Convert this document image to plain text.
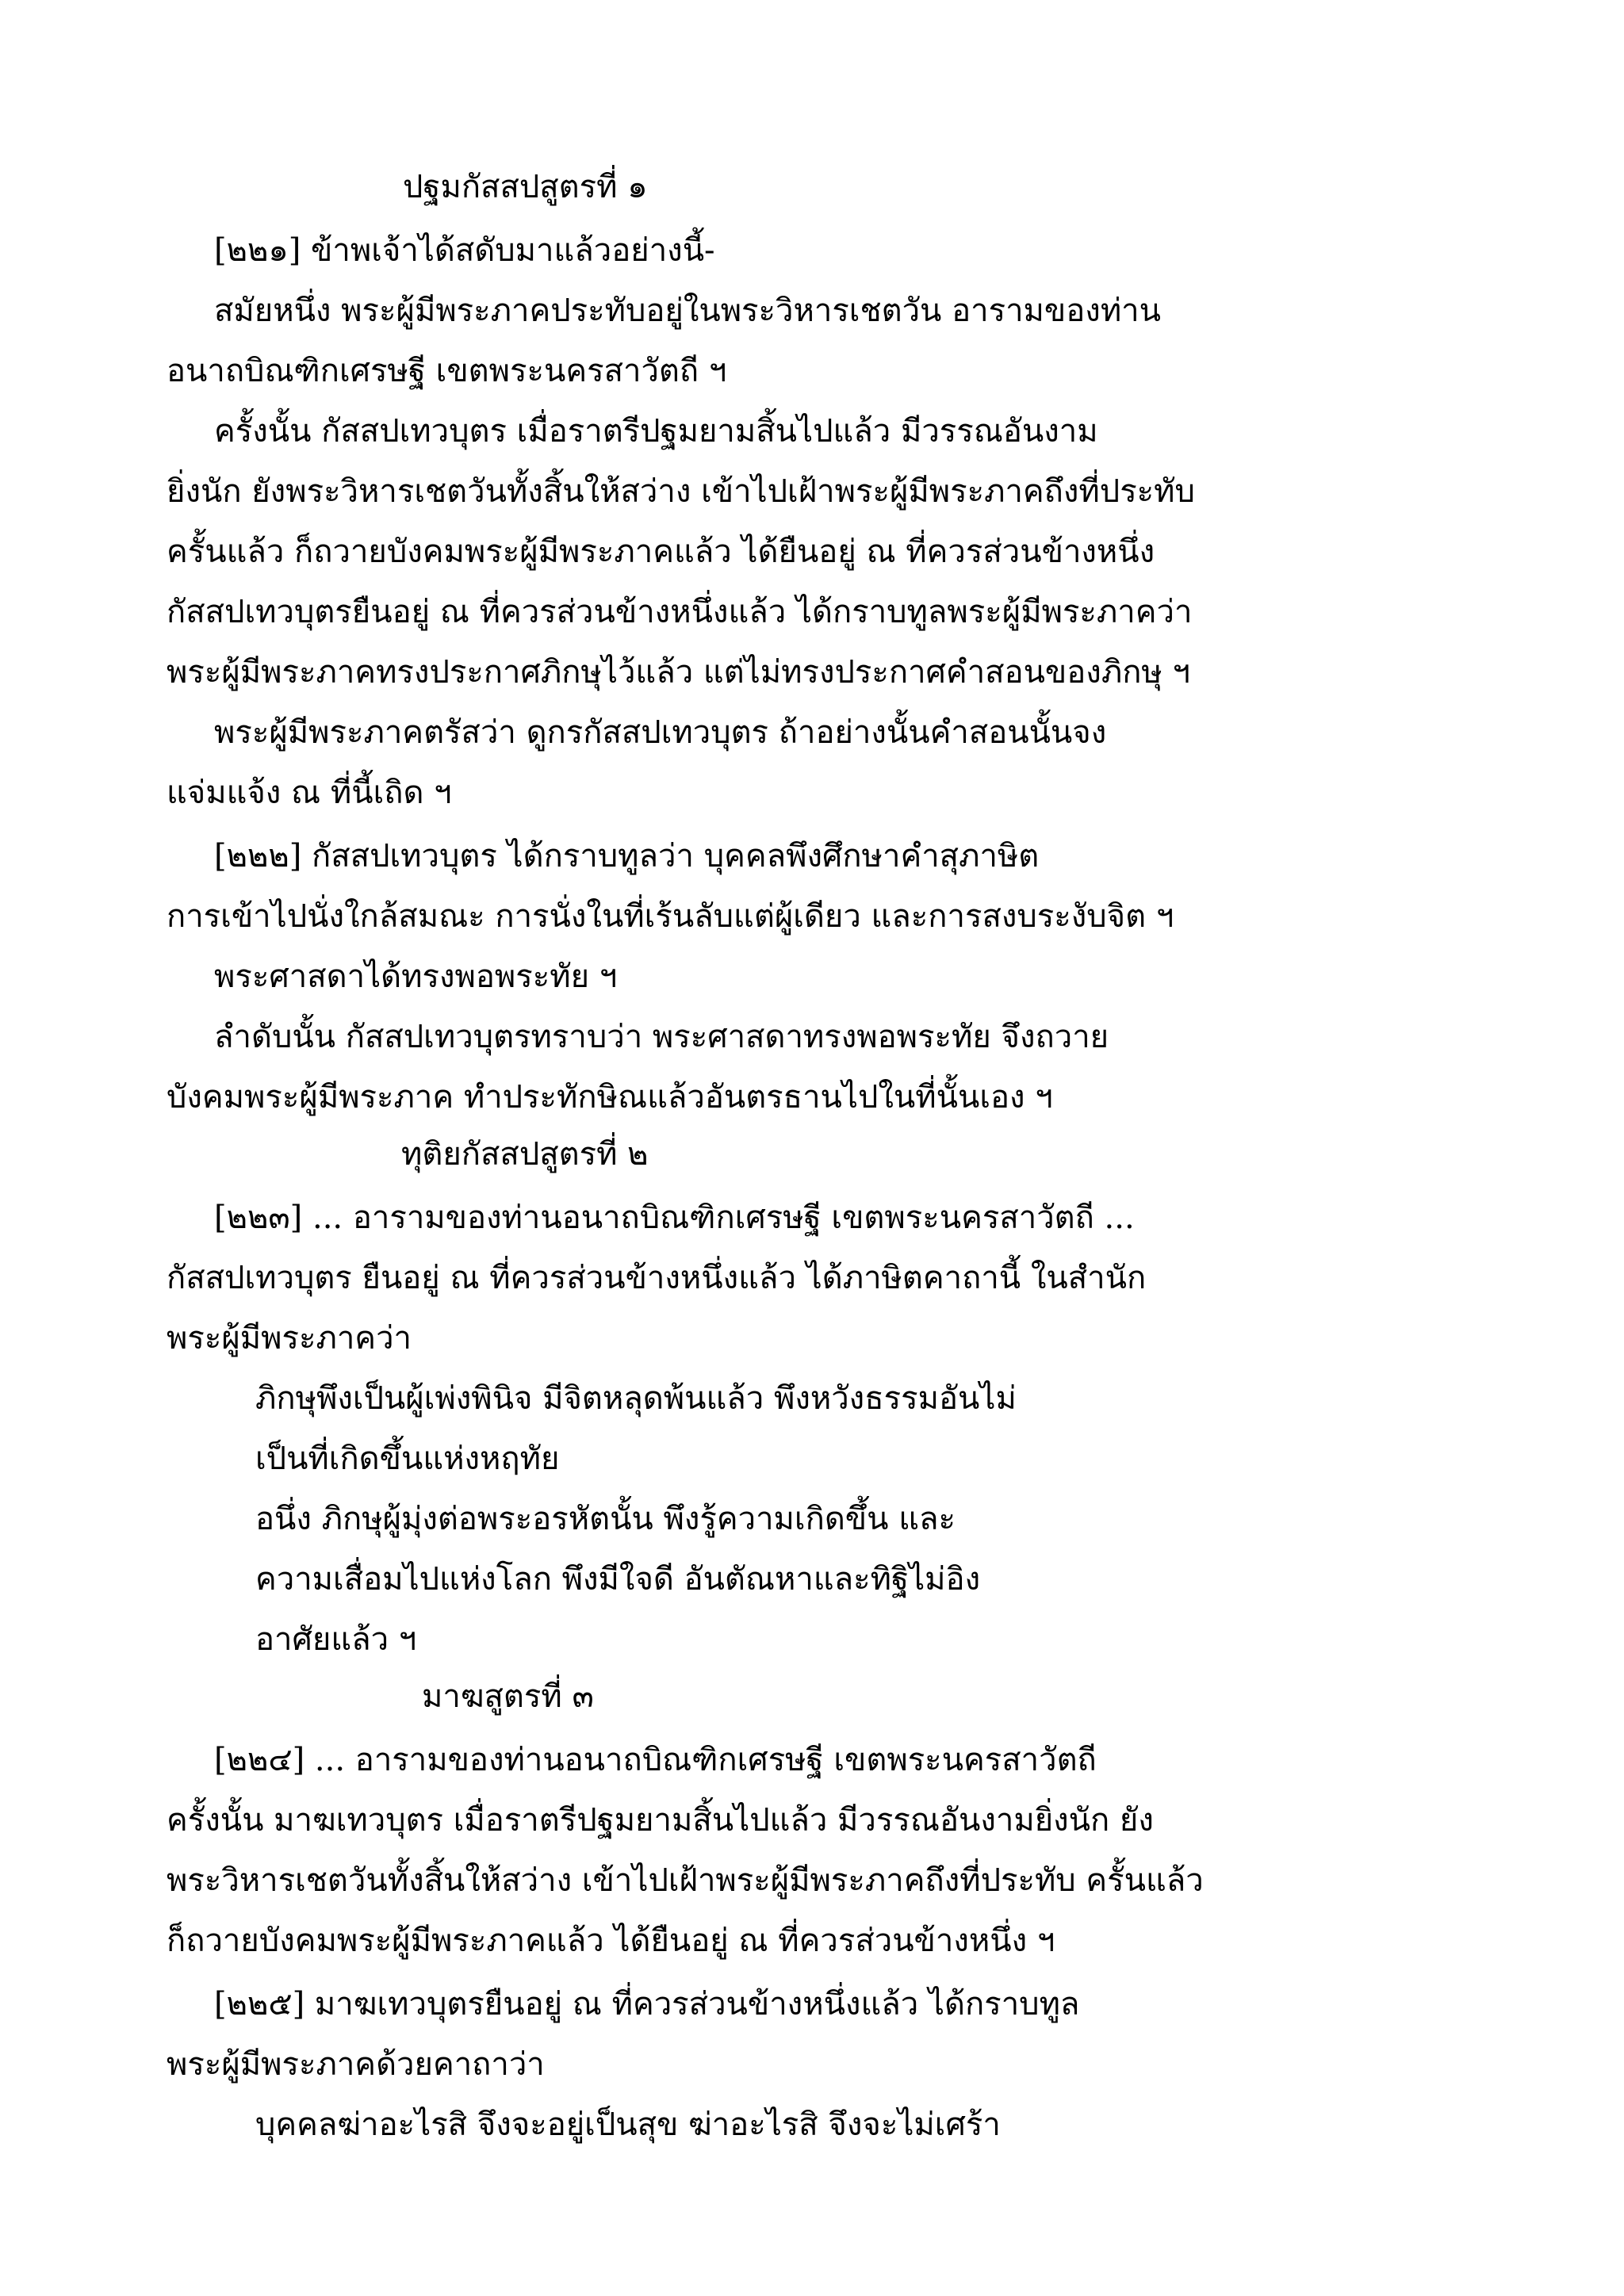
ปฐมกัสสปสูตรที่ ๑
[๒๒๑] ข้าพเจ้าได้สดับมาแล้วอย่างนี้-
สมัยหนึ่ง พระผู้มีพระภาคประทับอยู่ในพระวิหารเชตวัน อารามของท่าน
อนาถบิณฑิกเศรษฐี เขตพระนครสาวัตถี ฯ
ครั้งนั้น กัสสปเทวบุตร เมื่อราตรีปฐมยามสิ้นไปแล้ว มีวรรณอันงาม
ยิ่งนัก ยังพระวิหารเชตวันทั้งสิ้นให้สว่าง เข้าไปเฝ้าพระผู้มีพระภาคถึงที่ประทับ
ครั้นแล้ว ก็ถวายบังคมพระผู้มีพระภาคแล้ว ได้ยืนอยู่ ณ ที่ควรส่วนข้างหนึ่ง
กัสสปเทวบุตรยืนอยู่ ณ ที่ควรส่วนข้างหนึ่งแล้ว ได้กราบทูลพระผู้มีพระภาคว่า
พระผู้มีพระภาคทรงประกาศภิกษุไว้แล้ว แต่ไม่ทรงประกาศคำสอนของภิกษุ ฯ
พระผู้มีพระภาคตรัสว่า ดูกรกัสสปเทวบุตร ถ้าอย่างนั้นคำสอนนั้นจง
แจ่มแจ้ง ณ ที่นี้เถิด ฯ
[๒๒๒] กัสสปเทวบุตร ได้กราบทูลว่า บุคคลพึงศึกษาคำสุภาษิต
การเข้าไปนั่งใกล้สมณะ การนั่งในที่เร้นลับแต่ผู้เดียว และการสงบระงับจิต ฯ
พระศาสดาได้ทรงพอพระทัย ฯ
ลำดับนั้น กัสสปเทวบุตรทราบว่า พระศาสดาทรงพอพระทัย จึงถวาย
บังคมพระผู้มีพระภาค ทำประทักษิณแล้วอันตรธานไปในที่นั้นเอง ฯ
ทุติยกัสสปสูตรที่ ๒
[๒๒๓] ... อารามของท่านอนาถบิณฑิกเศรษฐี เขตพระนครสาวัตถี ...
กัสสปเทวบุตร ยืนอยู่ ณ ที่ควรส่วนข้างหนึ่งแล้ว ได้ภาษิตคาถานี้ ในสำนัก
พระผู้มีพระภาคว่า
ภิกษุพึงเป็นผู้เพ่งพินิจ มีจิตหลุดพ้นแล้ว พึงหวังธรรมอันไม่
เป็นที่เกิดขึ้นแห่งหฤทัย
อนึ่ง ภิกษุผู้มุ่งต่อพระอรหัตนั้น พึงรู้ความเกิดขึ้น และ
ความเสื่อมไปแห่งโลก พึงมีใจดี อันตัณหาและทิฐิไม่อิง
อาศัยแล้ว ฯ
มาฆสูตรที่ ๓
[๒๒๔] ... อารามของท่านอนาถบิณฑิกเศรษฐี เขตพระนครสาวัตถี
ครั้งนั้น มาฆเทวบุตร เมื่อราตรีปฐมยามสิ้นไปแล้ว มีวรรณอันงามยิ่งนัก ยัง
พระวิหารเชตวันทั้งสิ้นให้สว่าง เข้าไปเฝ้าพระผู้มีพระภาคถึงที่ประทับ ครั้นแล้ว
ก็ถวายบังคมพระผู้มีพระภาคแล้ว ได้ยืนอยู่ ณ ที่ควรส่วนข้างหนึ่ง ฯ
[๒๒๕] มาฆเทวบุตรยืนอยู่ ณ ที่ควรส่วนข้างหนึ่งแล้ว ได้กราบทูล
พระผู้มีพระภาคด้วยคาถาว่า
บุคคลฆ่าอะไรสิ จึงจะอยู่เป็นสุข ฆ่าอะไรสิ จึงจะไม่เศร้า
